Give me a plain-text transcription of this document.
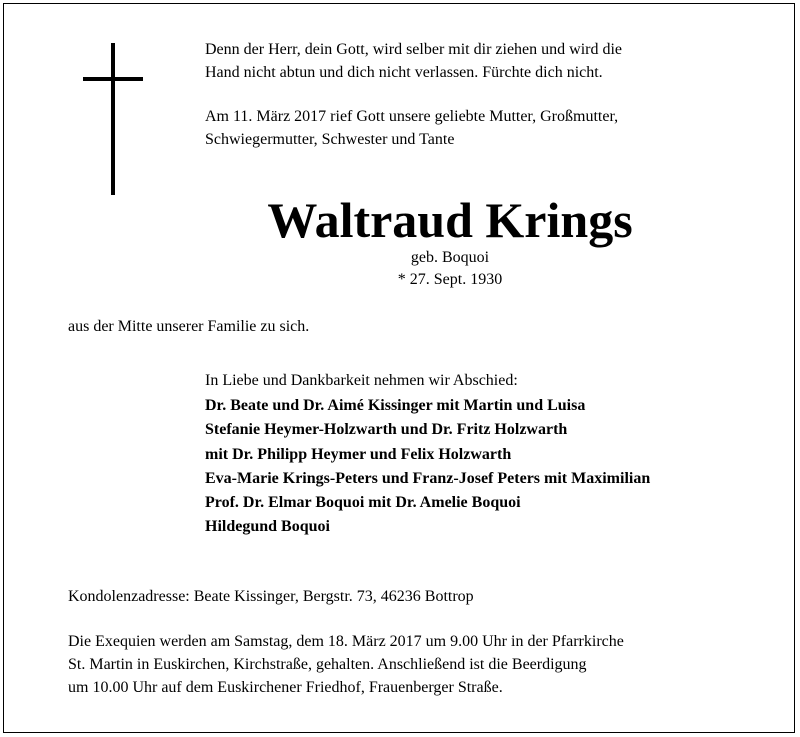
Denn der Herr, dein Gott, wird selber mit dir ziehen und wird die
Hand nicht abtun und dich nicht verlassen. Fürchte dich nicht.
Am 11. März 2017 rief Gott unsere geliebte Mutter, Großmutter,
Schwiegermutter, Schwester und Tante
Waltraud Krings
geb. Boquoi
* 27. Sept. 1930
aus der Mitte unserer Familie zu sich.
In Liebe und Dankbarkeit nehmen wir Abschied:
Dr. Beate und Dr. Aimé Kissinger mit Martin und Luisa
Stefanie Heymer-Holzwarth und Dr. Fritz Holzwarth
mit Dr. Philipp Heymer und Felix Holzwarth
Eva-Marie Krings-Peters und Franz-Josef Peters mit Maximilian
Prof. Dr. Elmar Boquoi mit Dr. Amelie Boquoi
Hildegund Boquoi
Kondolenzadresse: Beate Kissinger, Bergstr. 73, 46236 Bottrop
Die Exequien werden am Samstag, dem 18. März 2017 um 9.00 Uhr in der Pfarrkirche
St. Martin in Euskirchen, Kirchstraße, gehalten. Anschließend ist die Beerdigung
um 10.00 Uhr auf dem Euskirchener Friedhof, Frauenberger Straße.
